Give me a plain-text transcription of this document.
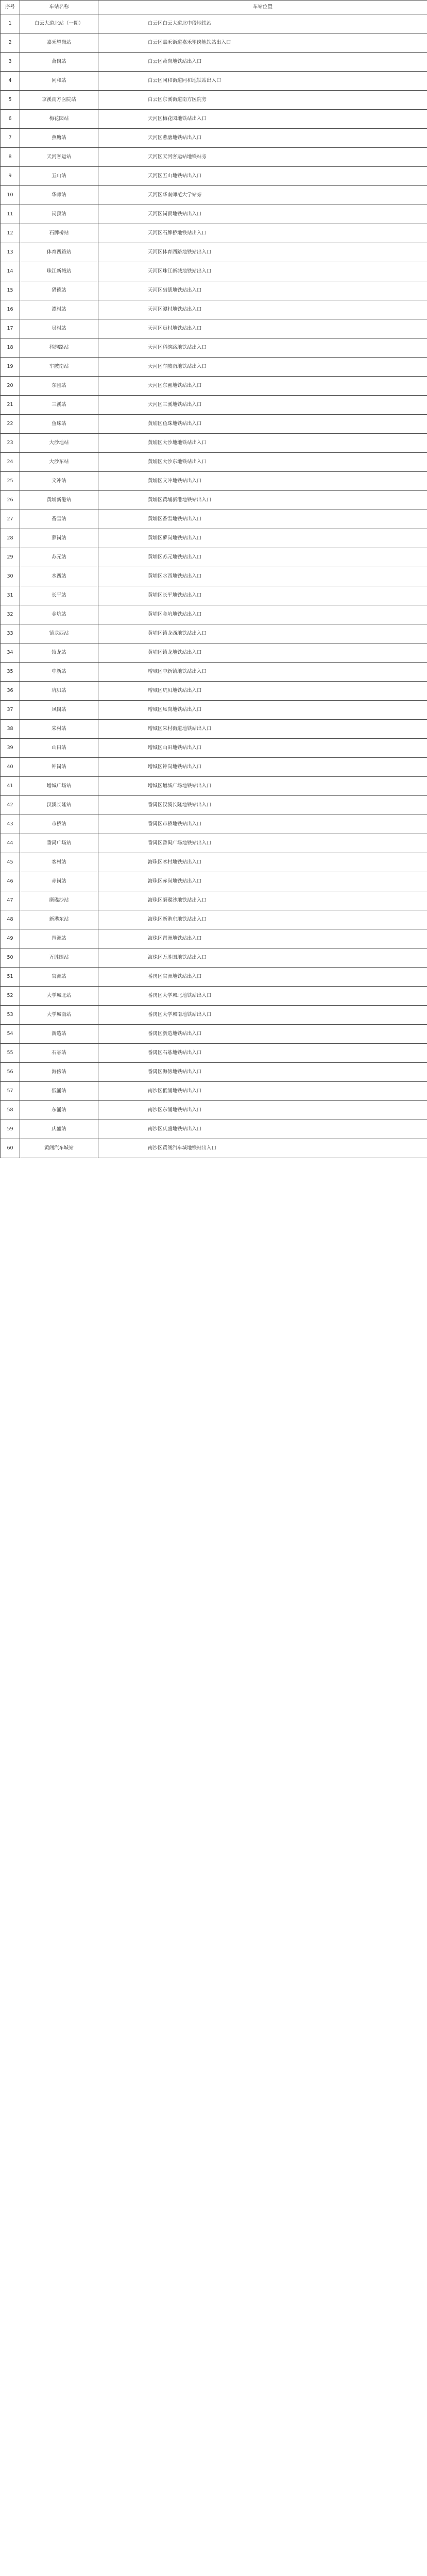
序号	车站名称	车站位置
1	白云大道北站（一期）	白云区白云大道北中段地铁站
2	嘉禾望岗站	白云区嘉禾街道嘉禾望岗地铁站出入口
3	萧岗站	白云区萧岗地铁站出入口
4	同和站	白云区同和街道同和地铁站出入口
5	京溪南方医院站	白云区京溪街道南方医院旁
6	梅花园站	天河区梅花园地铁站出入口
7	燕塘站	天河区燕塘地铁站出入口
8	天河客运站	天河区天河客运站地铁站旁
9	五山站	天河区五山地铁站出入口
10	华师站	天河区华南师范大学站旁
11	岗顶站	天河区岗顶地铁站出入口
12	石牌桥站	天河区石牌桥地铁站出入口
13	体育西路站	天河区体育西路地铁站出入口
14	珠江新城站	天河区珠江新城地铁站出入口
15	猎德站	天河区猎德地铁站出入口
16	潭村站	天河区潭村地铁站出入口
17	员村站	天河区员村地铁站出入口
18	科韵路站	天河区科韵路地铁站出入口
19	车陂南站	天河区车陂南地铁站出入口
20	东圃站	天河区东圃地铁站出入口
21	三溪站	天河区三溪地铁站出入口
22	鱼珠站	黄埔区鱼珠地铁站出入口
23	大沙地站	黄埔区大沙地地铁站出入口
24	大沙东站	黄埔区大沙东地铁站出入口
25	文冲站	黄埔区文冲地铁站出入口
26	黄埔新港站	黄埔区黄埔新港地铁站出入口
27	香雪站	黄埔区香雪地铁站出入口
28	萝岗站	黄埔区萝岗地铁站出入口
29	苏元站	黄埔区苏元地铁站出入口
30	水西站	黄埔区水西地铁站出入口
31	长平站	黄埔区长平地铁站出入口
32	金坑站	黄埔区金坑地铁站出入口
33	镇龙西站	黄埔区镇龙西地铁站出入口
34	镇龙站	黄埔区镇龙地铁站出入口
35	中新站	增城区中新镇地铁站出入口
36	坑贝站	增城区坑贝地铁站出入口
37	凤岗站	增城区凤岗地铁站出入口
38	朱村站	增城区朱村街道地铁站出入口
39	山田站	增城区山田地铁站出入口
40	钟岗站	增城区钟岗地铁站出入口
41	增城广场站	增城区增城广场地铁站出入口
42	汉溪长隆站	番禺区汉溪长隆地铁站出入口
43	市桥站	番禺区市桥地铁站出入口
44	番禺广场站	番禺区番禺广场地铁站出入口
45	客村站	海珠区客村地铁站出入口
46	赤岗站	海珠区赤岗地铁站出入口
47	磨碟沙站	海珠区磨碟沙地铁站出入口
48	新港东站	海珠区新港东地铁站出入口
49	琶洲站	海珠区琶洲地铁站出入口
50	万胜围站	海珠区万胜围地铁站出入口
51	官洲站	番禺区官洲地铁站出入口
52	大学城北站	番禺区大学城北地铁站出入口
53	大学城南站	番禺区大学城南地铁站出入口
54	新造站	番禺区新造地铁站出入口
55	石碁站	番禺区石碁地铁站出入口
56	海傍站	番禺区海傍地铁站出入口
57	低涌站	南沙区低涌地铁站出入口
58	东涌站	南沙区东涌地铁站出入口
59	庆盛站	南沙区庆盛地铁站出入口
60	黄阁汽车城站	南沙区黄阁汽车城地铁站出入口
